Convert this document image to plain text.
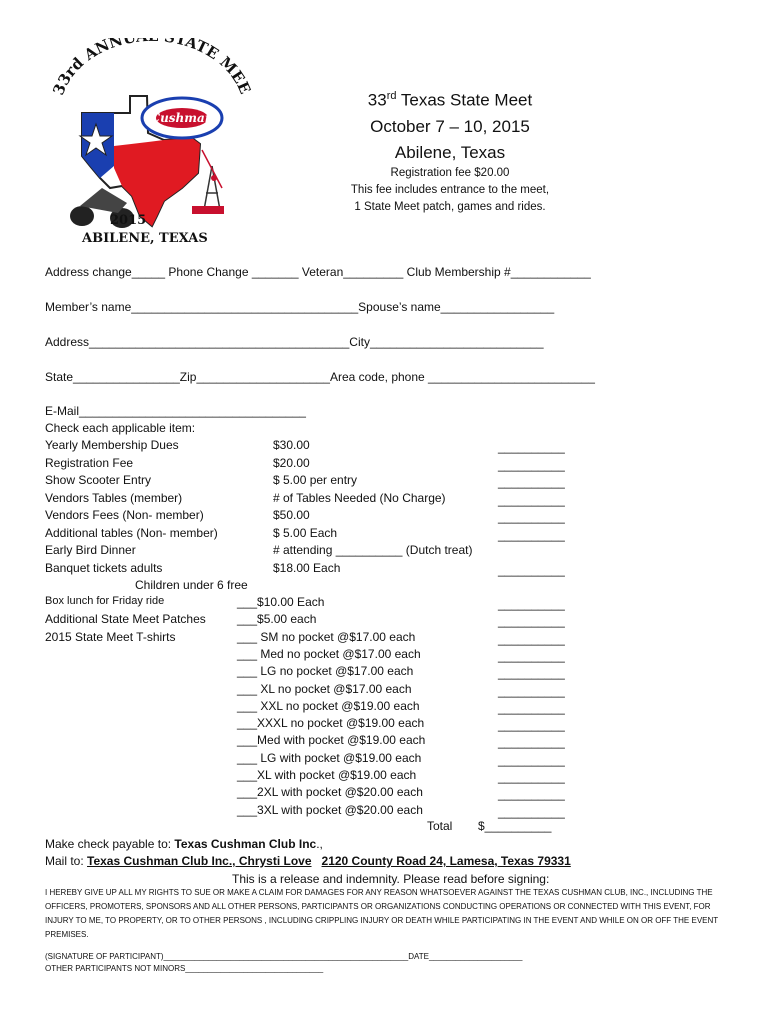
3rd ANNU TATE ME
Cushman
2015
ABILENE, TEXAS
33rd Texas State Meet
October 7 – 10, 2015
Abilene, Texas
Registration fee $20.00
This fee includes entrance to the meet,
1 State Meet patch, games and rides.
Address change_____ Phone Change _______ Veteran_________ Club Membership #____________
Member’s name__________________________________Spouse’s name_________________
Address_______________________________________City__________________________
State________________Zip____________________Area code, phone _________________________
E-Mail__________________________________
Check each applicable item:
Yearly Membership Dues	$30.00	__________
Registration Fee	$20.00	__________
Show Scooter Entry	$ 5.00 per entry	__________
Vendors Tables (member)	# of Tables Needed (No Charge)	__________
Vendors Fees (Non- member)	$50.00	__________
Additional tables (Non- member)	$ 5.00 Each	__________
Early Bird Dinner	# attending __________ (Dutch treat)
Banquet tickets adults	$18.00 Each	__________
Children under 6 free
Box lunch for Friday ride	___$10.00 Each	__________
Additional State Meet Patches	___$5.00 each	__________
2015 State Meet T-shirts	___ SM no pocket @$17.00 each	__________
___ Med no pocket @$17.00 each	__________
___ LG no pocket @$17.00 each	__________
___ XL no pocket @$17.00 each	__________
___ XXL no pocket @$19.00 each	__________
___XXXL no pocket @$19.00 each	__________
___Med with pocket @$19.00 each	__________
___ LG with pocket @$19.00 each	__________
___XL with pocket @$19.00 each	__________
___2XL with pocket @$20.00 each	__________
___3XL with pocket @$20.00 each	__________
Total $__________
Make check payable to: Texas Cushman Club Inc.,
Mail to: Texas Cushman Club Inc., Chrysti Love 2120 County Road 24, Lamesa, Texas 79331
This is a release and indemnity. Please read before signing:
I HEREBY GIVE UP ALL MY RIGHTS TO SUE OR MAKE A CLAIM FOR DAMAGES FOR ANY REASON WHATSOEVER AGAINST THE TEXAS CUSHMAN CLUB, INC., INCLUDING THE OFFICERS, PROMOTERS, SPONSORS AND ALL OTHER PERSONS, PARTICIPANTS OR ORGANIZATIONS CONDUCTING OPERATIONS OR CONNECTED WITH THIS EVENT, FOR INJURY TO ME, TO PROPERTY, OR TO OTHER PERSONS , INCLUDING CRIPPLING INJURY OR DEATH WHILE PARTICIPATING IN THE EVENT AND WHILE ON OR OFF THE EVENT PREMISES.
(SIGNATURE OF PARTICIPANT)_______________________________________________________DATE_____________________
OTHER PARTICIPANTS NOT MINORS_______________________________
